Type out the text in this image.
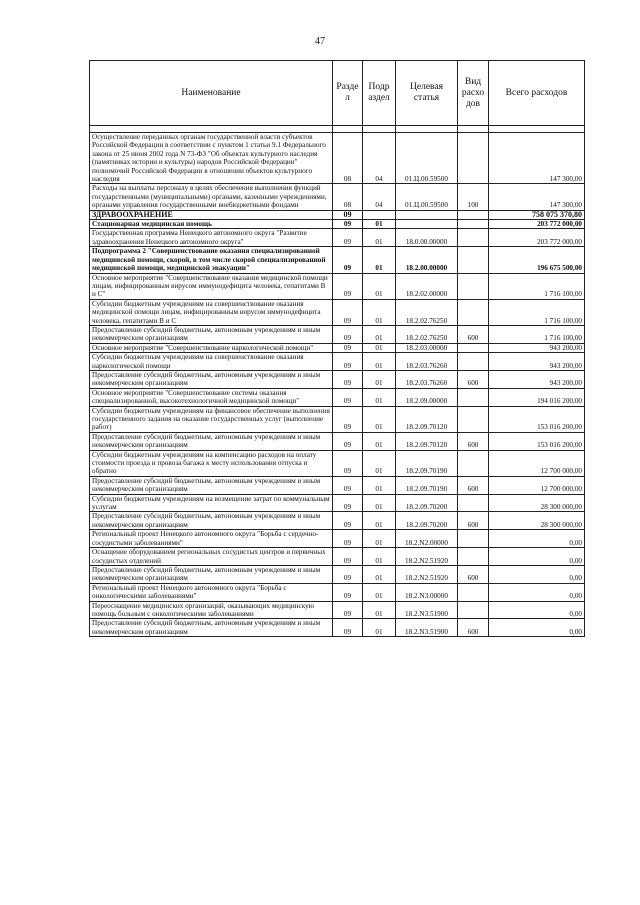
47
Наименование	Разде л	Подр аздел	Целевая статья	Вид расхо дов	Всего расходов

Осуществление переданных органам государственной власти субъектов Российской Федерации в соответствии с пунктом 1 статьи 9.1 Федерального закона от 25 июня 2002 года N 73-ФЗ "Об объектах культурного наследия (памятниках истории и культуры) народов Российской Федерации" полномочий Российской Федерации в отношении объектов культурного наследия	08	04	01.Ц.00.59500		147 300,00
Расходы на выплаты персоналу в целях обеспечения выполнения функций государственными (муниципальными) органами, казенными учреждениями, органами управления государственными внебюджетными фондами	08	04	01.Ц.00.59500	100	147 300,00
ЗДРАВООХРАНЕНИЕ	09				758 075 370,80
Стационарная медицинская помощь	09	01			203 772 000,00
Государственная программа Ненецкого автономного округа "Развитие здравоохранения Ненецкого автономного округа"	09	01	18.0.00.00000		203 772 000,00
Подпрограмма 2 "Совершенствование оказания специализированной медицинской помощи, скорой, в том числе скорой специализированной медицинской помощи, медицинской эвакуации"	09	01	18.2.00.00000		196 675 500,00
Основное мероприятие "Совершенствование оказания медицинской помощи лицам, инфицированным вирусом иммунодефицита человека, гепатитами В и С"	09	01	18.2.02.00000		1 716 100,00
Субсидии бюджетным учреждениям на совершенствование оказания медицинской помощи лицам, инфицированным вирусом иммунодефицита человека, гепатитами В и С	09	01	18.2.02.76250		1 716 100,00
Предоставление субсидий бюджетным, автономным учреждениям и иным некоммерческим организациям	09	01	18.2.02.76250	600	1 716 100,00
Основное мероприятие "Совершенствование наркологической помощи"	09	01	18.2.03.00000		943 200,00
Субсидии бюджетным учреждениям на совершенствование оказания наркологической помощи	09	01	18.2.03.76260		943 200,00
Предоставление субсидий бюджетным, автономным учреждениям и иным некоммерческим организациям	09	01	18.2.03.76260	600	943 200,00
Основное мероприятие "Совершенствование системы оказания специализированной, высокотехнологичной медицинской помощи"	09	01	18.2.09.00000		194 016 200,00
Субсидии бюджетным учреждениям на финансовое обеспечение выполнения государственного задания на оказание государственных услуг (выполнение работ)	09	01	18.2.09.70120		153 016 200,00
Предоставление субсидий бюджетным, автономным учреждениям и иным некоммерческим организациям	09	01	18.2.09.70120	600	153 016 200,00
Субсидии бюджетным учреждениям на компенсацию расходов на оплату стоимости проезда и провоза багажа к месту использования отпуска и обратно	09	01	18.2.09.70190		12 700 000,00
Предоставление субсидий бюджетным, автономным учреждениям и иным некоммерческим организациям	09	01	18.2.09.70190	600	12 700 000,00
Субсидии бюджетным учреждениям на возмещение затрат по коммунальным услугам	09	01	18.2.09.70200		28 300 000,00
Предоставление субсидий бюджетным, автономным учреждениям и иным некоммерческим организациям	09	01	18.2.09.70200	600	28 300 000,00
Региональный проект Ненецкого автономного округа "Борьба с сердечно-сосудистыми заболеваниями"	09	01	18.2.N2.00000		0,00
Оснащение оборудованием региональных сосудистых центров и первичных сосудистых отделений	09	01	18.2.N2.51920		0,00
Предоставление субсидий бюджетным, автономным учреждениям и иным некоммерческим организациям	09	01	18.2.N2.51920	600	0,00
Региональный проект Ненецкого автономного округа "Борьба с онкологическими заболеваниями"	09	01	18.2.N3.00000		0,00
Переоснащение медицинских организаций, оказывающих медицинскую помощь больным с онкологическими заболеваниями	09	01	18.2.N3.51900		0,00
Предоставление субсидий бюджетным, автономным учреждениям и иным некоммерческим организациям	09	01	18.2.N3.51900	600	0,00
